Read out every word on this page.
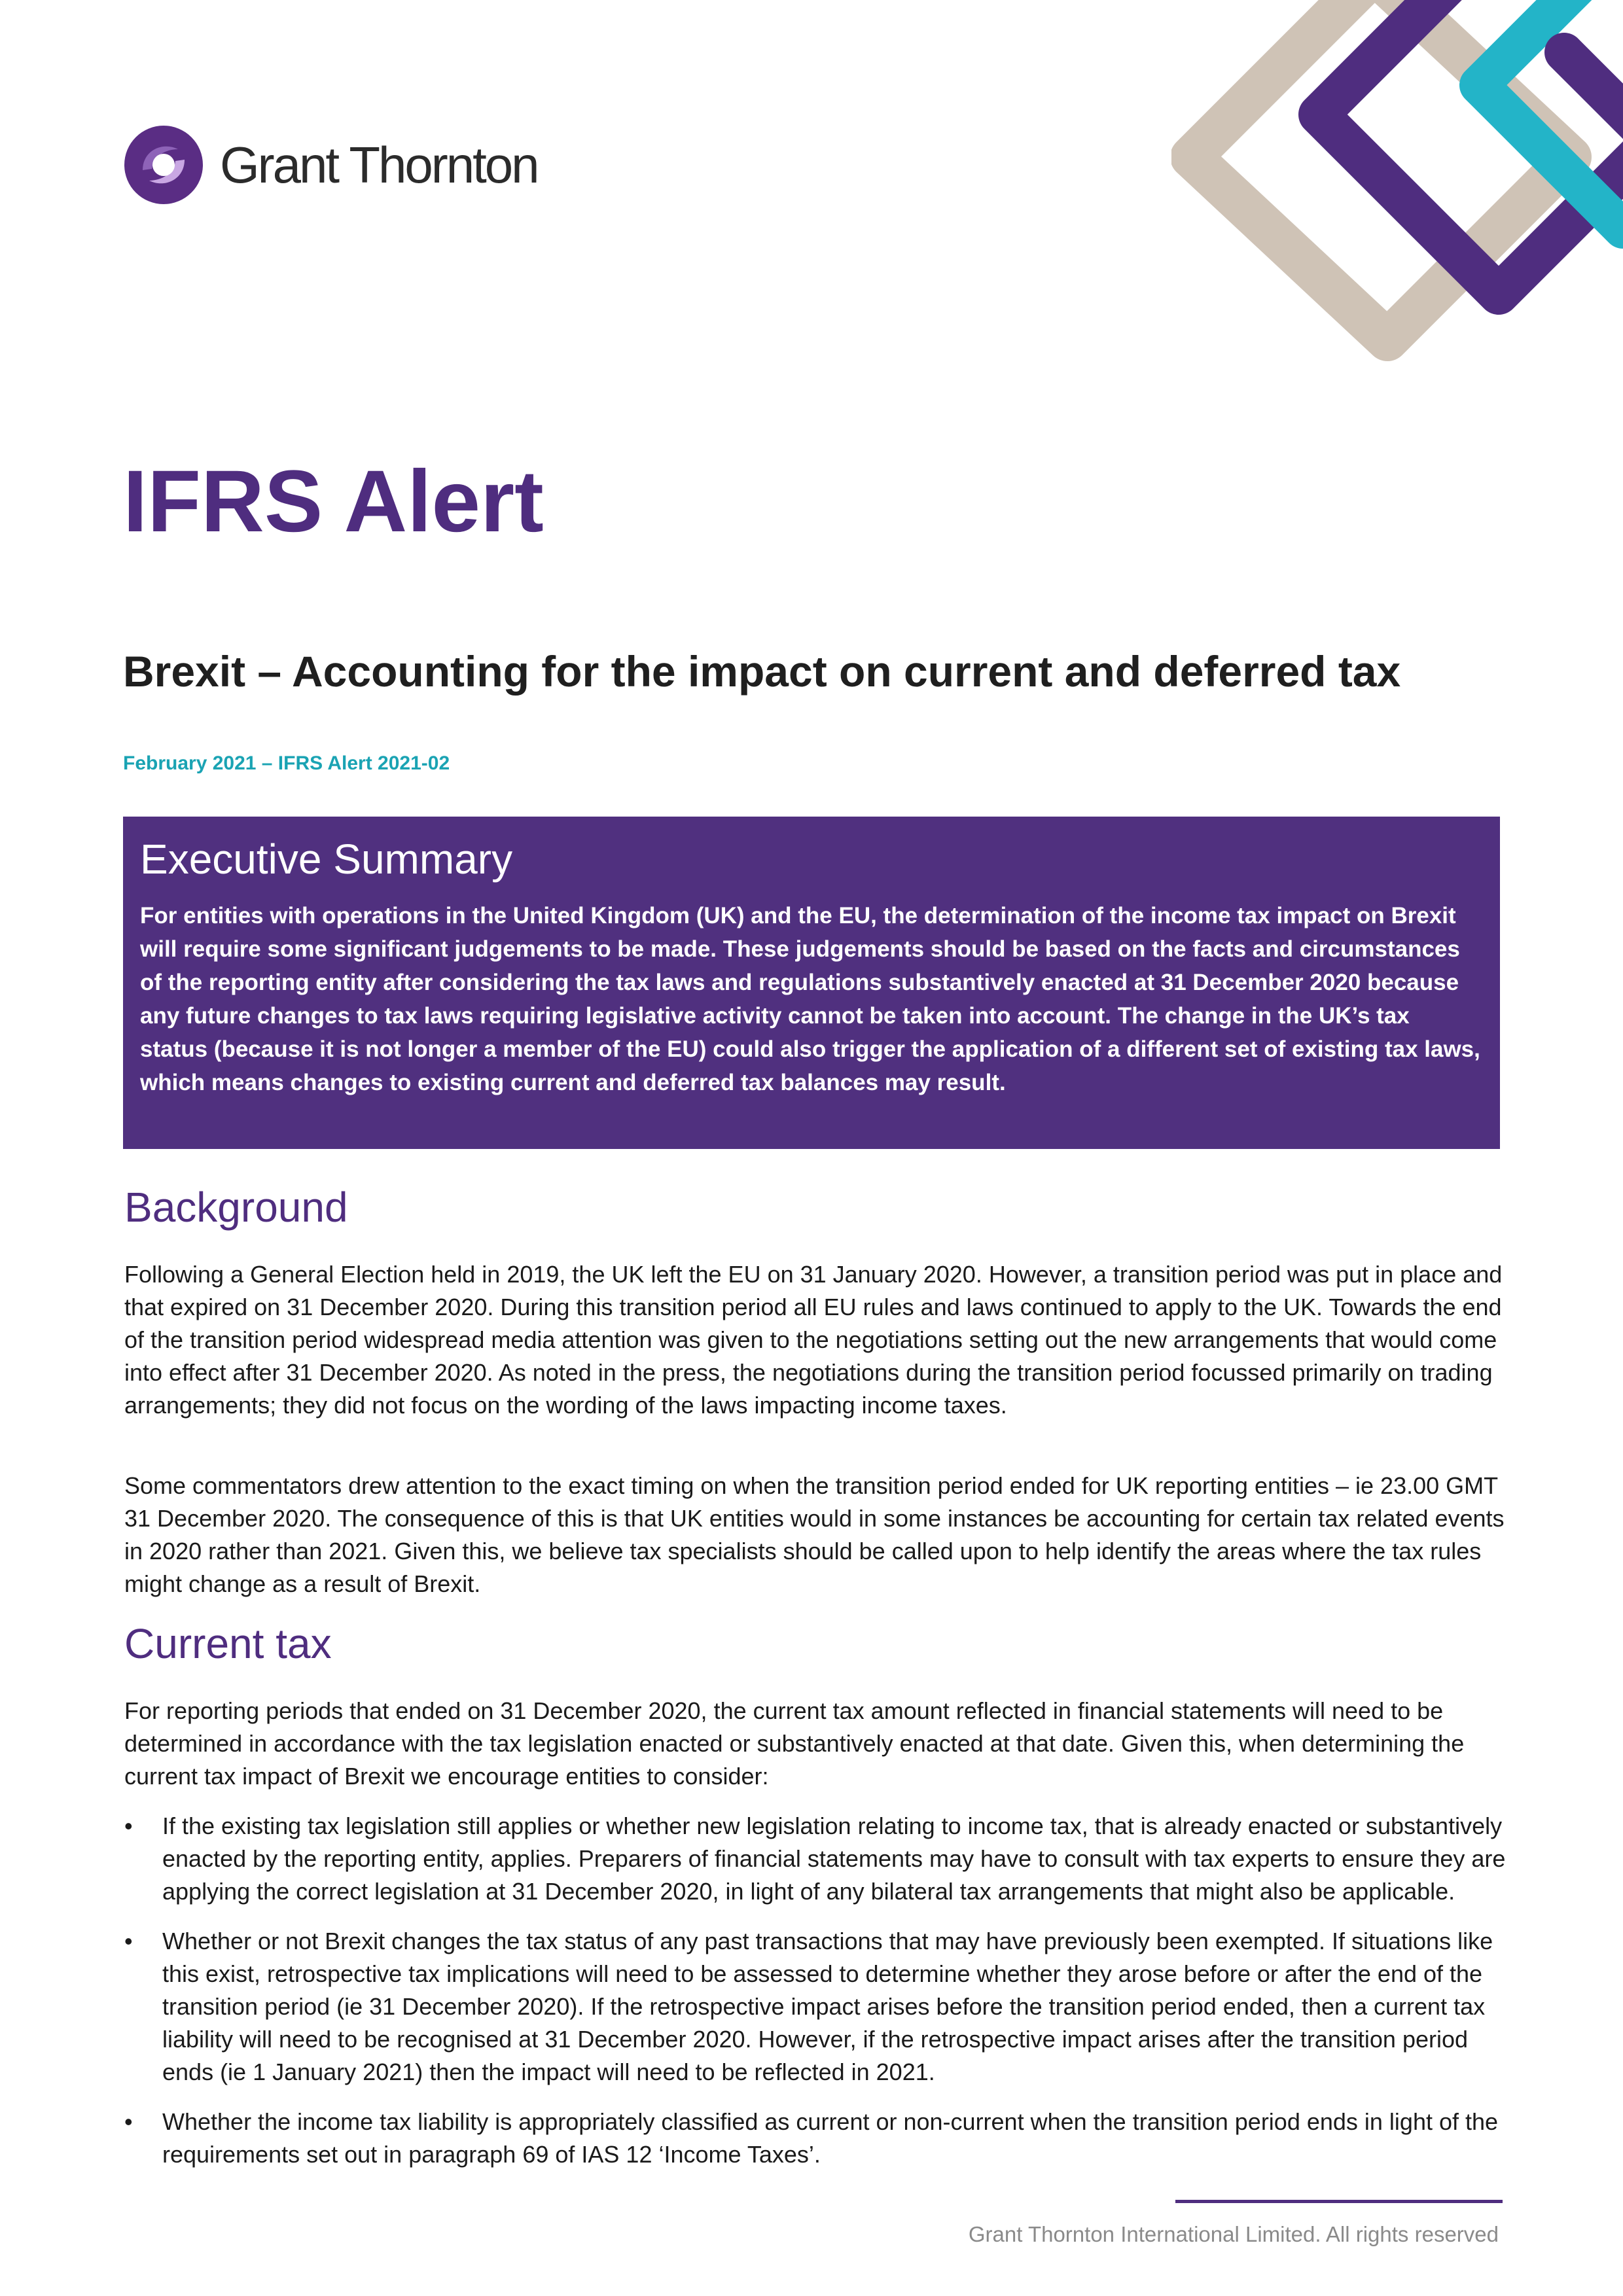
Grant Thornton
IFRS Alert
Brexit – Accounting for the impact on current and deferred tax

February 2021 – IFRS Alert 2021-02

Executive Summary

For entities with operations in the United Kingdom (UK) and the EU, the determination of the income tax impact on Brexit will require some significant judgements to be made. These judgements should be based on the facts and circumstances of the reporting entity after considering the tax laws and regulations substantively enacted at 31 December 2020 because any future changes to tax laws requiring legislative activity cannot be taken into account. The change in the UK’s tax status (because it is not longer a member of the EU) could also trigger the application of a different set of existing tax laws, which means changes to existing current and deferred tax balances may result.

Background

Following a General Election held in 2019, the UK left the EU on 31 January 2020. However, a transition period was put in place and that expired on 31 December 2020. During this transition period all EU rules and laws continued to apply to the UK. Towards the end of the transition period widespread media attention was given to the negotiations setting out the new arrangements that would come into effect after 31 December 2020. As noted in the press, the negotiations during the transition period focussed primarily on trading arrangements; they did not focus on the wording of the laws impacting income taxes.

Some commentators drew attention to the exact timing on when the transition period ended for UK reporting entities – ie 23.00 GMT 31 December 2020. The consequence of this is that UK entities would in some instances be accounting for certain tax related events in 2020 rather than 2021. Given this, we believe tax specialists should be called upon to help identify the areas where the tax rules might change as a result of Brexit.

Current tax

For reporting periods that ended on 31 December 2020, the current tax amount reflected in financial statements will need to be determined in accordance with the tax legislation enacted or substantively enacted at that date. Given this, when determining the current tax impact of Brexit we encourage entities to consider:

• If the existing tax legislation still applies or whether new legislation relating to income tax, that is already enacted or substantively enacted by the reporting entity, applies. Preparers of financial statements may have to consult with tax experts to ensure they are applying the correct legislation at 31 December 2020, in light of any bilateral tax arrangements that might also be applicable.
• Whether or not Brexit changes the tax status of any past transactions that may have previously been exempted. If situations like this exist, retrospective tax implications will need to be assessed to determine whether they arose before or after the end of the transition period (ie 31 December 2020). If the retrospective impact arises before the transition period ended, then a current tax liability will need to be recognised at 31 December 2020. However, if the retrospective impact arises after the transition period ends (ie 1 January 2021) then the impact will need to be reflected in 2021.
• Whether the income tax liability is appropriately classified as current or non-current when the transition period ends in light of the requirements set out in paragraph 69 of IAS 12 ‘Income Taxes’.

Grant Thornton International Limited. All rights reserved
